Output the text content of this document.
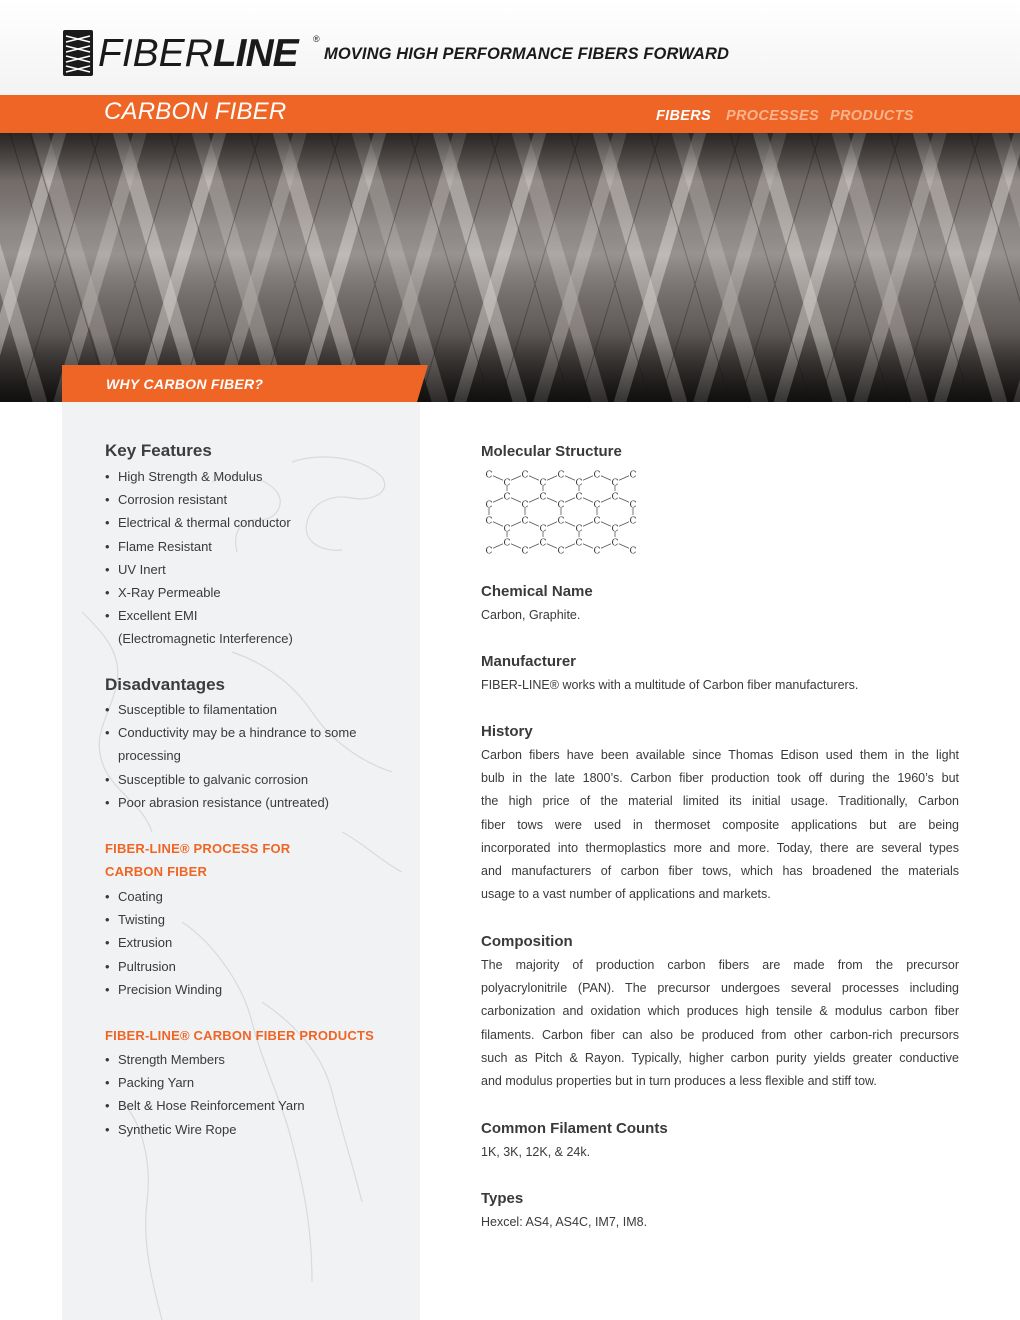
FIBERLINE ®
MOVING HIGH PERFORMANCE FIBERS FORWARD
CARBON FIBER	FIBERS PROCESSES PRODUCTS
WHY CARBON FIBER?
Key Features
• High Strength & Modulus
• Corrosion resistant
• Electrical & thermal conductor
• Flame Resistant
• UV Inert
• X-Ray Permeable
• Excellent EMI
(Electromagnetic Interference)
Disadvantages
• Susceptible to filamentation
• Conductivity may be a hindrance to some
processing
• Susceptible to galvanic corrosion
• Poor abrasion resistance (untreated)
FIBER-LINE® PROCESS FOR
CARBON FIBER
• Coating
• Twisting
• Extrusion
• Pultrusion
• Precision Winding
FIBER-LINE® CARBON FIBER PRODUCTS
• Strength Members
• Packing Yarn
• Belt & Hose Reinforcement Yarn
• Synthetic Wire Rope
Molecular Structure
C
C
C
C
C
C
C
C
C
C
C
C
C
C
C
C
C
C
C
C
C
C
C
C
C
C
C
C
C
C
C
C
C
C
C
C
Chemical Name
Carbon, Graphite.
Manufacturer
FIBER-LINE® works with a multitude of Carbon fiber manufacturers.
History
Carbon fibers have been available since Thomas Edison used them in the light
bulb in the late 1800’s. Carbon fiber production took off during the 1960’s but
the high price of the material limited its initial usage. Traditionally, Carbon
fiber tows were used in thermoset composite applications but are being
incorporated into thermoplastics more and more. Today, there are several types
and manufacturers of carbon fiber tows, which has broadened the materials
usage to a vast number of applications and markets.
Composition
The majority of production carbon fibers are made from the precursor
polyacrylonitrile (PAN). The precursor undergoes several processes including
carbonization and oxidation which produces high tensile & modulus carbon fiber
filaments. Carbon fiber can also be produced from other carbon-rich precursors
such as Pitch & Rayon. Typically, higher carbon purity yields greater conductive
and modulus properties but in turn produces a less flexible and stiff tow.
Common Filament Counts
1K, 3K, 12K, & 24k.
Types
Hexcel: AS4, AS4C, IM7, IM8.
